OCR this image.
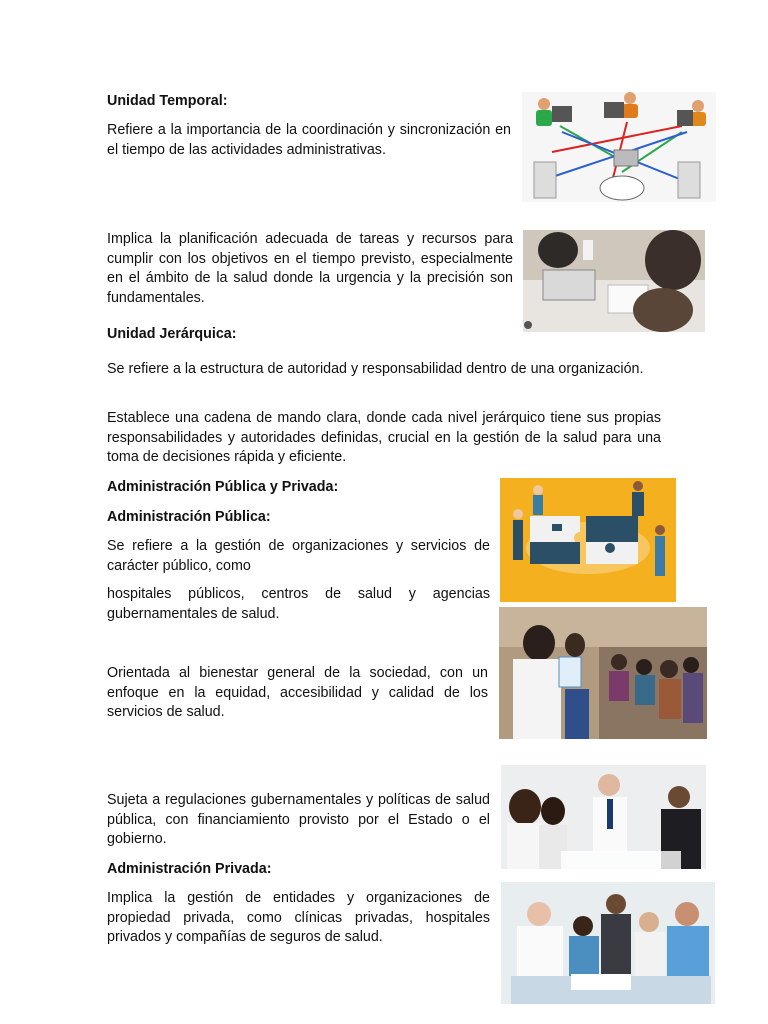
Unidad Temporal:

Refiere a la importancia de la coordinación y sincronización en el tiempo de las actividades administrativas.

Implica la planificación adecuada de tareas y recursos para cumplir con los objetivos en el tiempo previsto, especialmente en el ámbito de la salud donde la urgencia y la precisión son fundamentales.

Unidad Jerárquica:

Se refiere a la estructura de autoridad y responsabilidad dentro de una organización.

Establece una cadena de mando clara, donde cada nivel jerárquico tiene sus propias responsabilidades y autoridades definidas, crucial en la gestión de la salud para una toma de decisiones rápida y eficiente.

Administración Pública y Privada:

Administración Pública:

Se refiere a la gestión de organizaciones y servicios de carácter público, como

hospitales públicos, centros de salud y agencias gubernamentales de salud.

Orientada al bienestar general de la sociedad, con un enfoque en la equidad, accesibilidad y calidad de los servicios de salud.

Sujeta a regulaciones gubernamentales y políticas de salud pública, con financiamiento provisto por el Estado o el gobierno.

Administración Privada:

Implica la gestión de entidades y organizaciones de propiedad privada, como clínicas privadas, hospitales privados y compañías de seguros de salud.
